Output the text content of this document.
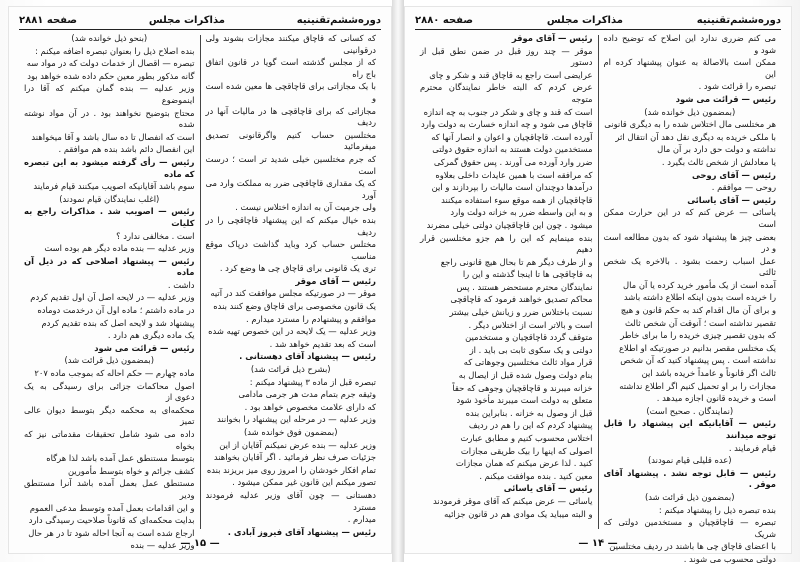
دوره‌ششم‌تقنینیه
مذاکرات مجلس
صفحه ۲۸۸۱

که کسانی که قاچاق میکنند مجازات بشوند ولی درقوانینی

که از مجلس گذشته است گویا در قانون اتفاق باج راه

با یک مجازاتی برای قاچاقچی ها معین شده است و

مجازاتی که برای قاچاقچی ها در مالیات آنها در ردیف

مختلسین حساب کنیم واگرقانونی تصدیق میفرمائید

که جرم مختلسین خیلی شدید تر است ؛ درست است

که یک مقداری قاچاقچی ضرر به مملکت وارد می آورد

ولی جرمیت آن به اندازه اختلاس نیست .

بنده خیال میکنم که این پیشنهاد قاچاقچی را در ردیف

مختلس حساب کرد وباید گذاشت درپاک موقع مناسب

تری یک قانونی برای قاچاق چی ها وضع کرد .

رئیس — آقای موقر

موقر — در صورتیکه مجلس موافقت کند در آتیه

یک قانون مخصوصی برای قاچاق وضع کنند بنده

موافقم و پیشنهادم را مسترد میدارم .

وزیر عدلیه — یک لایحه در این خصوص تهیه شده

است که بعد تقدیم خواهد شد .

رئیس — پیشنهاد آقای دهستانی .

(بشرح ذیل قرائت شد)

تبصره قبل از ماده ۳ پیشنهاد میکنم :

وثیقه جرم بتمام مدت هر جرمی مادامی

که دارای علامت مخصوص خواهد بود .

وزیر عدلیه — در مرحله این پیشنهاد را بخوانند

(بمضمون فوق خوانده شد)

وزیر عدلیه — بنده عرض نمیکنم آقایان از این

جزئیات صرف نظر فرمائید . اگر آقایان بخواهند

تمام افکار خودشان را امروز روی میز بریزند بنده

تصور میکنم این قانون غیر ممکن میشود .

دهستانی — چون آقای وزیر عدلیه فرمودند مسترد

میدارم .

رئیس — پیشنهاد آقای فیروز آبادی .

(بنحو ذیل خوانده شد)

بنده اصلاح ذیل را بعنوان تبصره اضافه میکنم :

تبصره — اقصال از خدمات دولت که در مواد سه

گانه مذکور بطور معین حکم داده شده خواهد بود

وزیر عدلیه — بنده گمان میکنم که آقا درا اینموضوع

محتاج بتوضیح نخواهند بود . در آن مواد نوشته شده

است که انفصال تا ده سال باشد و آقا میخواهند

این انفصال دائم باشد بنده هم موافقم .

رئیس — رأی گرفته میشود به این تبصره که ماده

سوم باشد آقایانیکه اصویب میکنند قیام فرمایند

(اغلب نمایندگان قیام نمودند)

رئیس — اصویب شد . مذاکرات راجع به کلیات

است . مخالفی ندارد ؟

وزیر عدلیه — بنده ماده دیگر هم بوده است

رئیس — پیشنهاد اصلاحی که در ذیل آن ماده

داشت .

وزیر عدلیه — در لایحه اصل آن اول تقدیم کردم

در ماده داشتم ؛ ماده اول آن درخدمت دوماده

پیشنهاد شد و لایحه اصل که بنده تقدیم کردم

یک ماده دیگری هم دارد .

رئیس — قرائت می شود

(بمضمون ذیل قرائت شد)

ماده چهارم — حکم احاله که بموجب ماده ۲۰۷

اصول محاکمات جزائی برای رسیدگی به یک دعوی از

محکمه‌ای به محکمه دیگر بتوسط دیوان عالی تمیز

داده می شود شامل تحقیقات مقدماتی نیز که بخواه

بتوسط مستنطق عمل آمده باشد لذا هرگاه

کشف جرائم و خواه بتوسط مأمورین

مستنطق عمل بعمل آمده باشد آنرا مستنطق ودیر

و این اقدامات بعمل آمده وتوسط مدعی العموم

بدایت محکمه‌ای که قانوناً صلاحیت رسیدگی دارد

ارجاع شده است به آنجا احاله شود تا در هر حال

وزیر عدلیه — بنده

— ۱۵ —
دوره‌ششم‌تقنینیه
مذاکرات مجلس
صفحه ۲۸۸۰

می کنم ضرری ندارد این اصلاح که توضیح داده شود و

ممکن است بالاصالة به عنوان پیشنهاد کرده ام این

تبصره را قرائت شود .

رئیس — قرائت می شود

(بمضمون ذیل خوانده شد)

هر مختلسی مال اختلاس شده را به دیگری قانونی

با ملکی خریده به دیگری نقل دهد آن انتقال اثر

نداشته و دولت حق دارد بر آن مال

یا معادلش از شخص ثالث بگیرد .

رئیس — آقای روحی

روحی — موافقم .

رئیس — آقای یاسائی

یاسائی — عرض کنم که در این حرارت ممکن است

بعضی چیز ها پیشنهاد شود که بدون مطالعه است و در

عمل اسباب زحمت بشود . بالاخره یک شخص ثالثی

آمده است از یک مأمور خرید کرده یا آن مال

را خریده است بدون اینکه اطلاع داشته باشد

و برای آن مال اقدام کند به حکم قانون و هیچ

تقصیر نداشته است ؛ آنوقت آن شخص ثالث

که بدون تقصیر چیزی خریده را ما برای خاطر

یک مختلس مقصر بدانیم در صورتیکه او اطلاع

نداشته است . پس پیشنهاد کنید که آن شخص

ثالث اگر قانوناً و عامداً خریده باشد این

مجازات را بر او تحمیل کنیم اگر اطلاع نداشته

است و خریده قانون اجازه میدهد .

(نمایندگان . صحیح است)

رئیس — آقایانیکه این پیشنهاد را قابل توجه میدانند

قیام فرمایند .

(عده قلیلی قیام نمودند)

رئیس — قابل توجه نشد . پیشنهاد آقای موقر .

(بمضمون ذیل قرائت شد)

بنده تبصره ذیل را پیشنهاد میکنم :

تبصره — قاچاقچیان و مستخدمین دولتی که شریک

با اعضای قاچاق چی ها باشند در ردیف مختلسین

دولتی محسوب می شوند .

رئیس — آقای موقر

موقر — چند روز قبل در ضمن نطق قبل از دستور

عرایضی است راجع به قاچاق قند و شکر و چای

عرض کردم که البته خاطر نمایندگان محترم متوجه

است که قند و چای و شکر در جنوب به چه اندازه

قاچاق می شود و چه اندازه خسارت به دولت وارد

آورده است. قاچاقچیان و اعوان و انصار آنها که

مستخدمین دولت هستند به اندازه حقوق دولتی

ضرر وارد آورده می آورند . پس حقوق گمرکی

که مرافقه است با همین عایدات داخلی بعلاوه

درآمدها دوچندان است مالیات را بپردازند و این

قاچاقچیان از همه موقع سوء استفاده میکنند

و به این واسطه ضرر به خزانه دولت وارد

میشود . چون این قاچاقچیان دولتی خیلی مضرند

بنده مینمایم که این را هم جزو مختلسین قرار دهیم

و از طرف دیگر هم تا بحال هیچ قانونی راجع

به قاچاقچی ها تا اینجا گذشته و این را

نمایندگان محترم مستحضر هستند . پس

محاکم تصدیق خواهند فرمود که قاچاقچی

نسبت باختلاس ضرر و زیانش خیلی بیشتر

است و بالاتر است از اختلاس دیگر .

متوقف گردد قاچاقچیان و مستخدمین

دولتی و یک سکوی ثابت بی باید . از

قرار مواد ثالث مختلسین وجوهاتی که

بنام دولت وصول شده قبل از ایصال به

خزانه میبرند و قاچاقچیان وجوهی که حقاً

متعلق به دولت است میبرند مأخوذ شود

قبل از وصول به خزانه . بنابراین بنده

پیشنهاد کردم که این را هم در ردیف

اختلاس محسوب کنیم و مطابق عبارت

اصولی که اینها را بیک طریقی مجازات

کنید . لذا عرض میکنم که همان مجازات

معین کنید . بنده موافقت میکنم .

رئیس — آقای یاسائی

یاسائی — عرض میکنم که آقای موقر فرمودند

و البته میباید یک موادی هم در قانون جزائیه

— ۱۴ —
